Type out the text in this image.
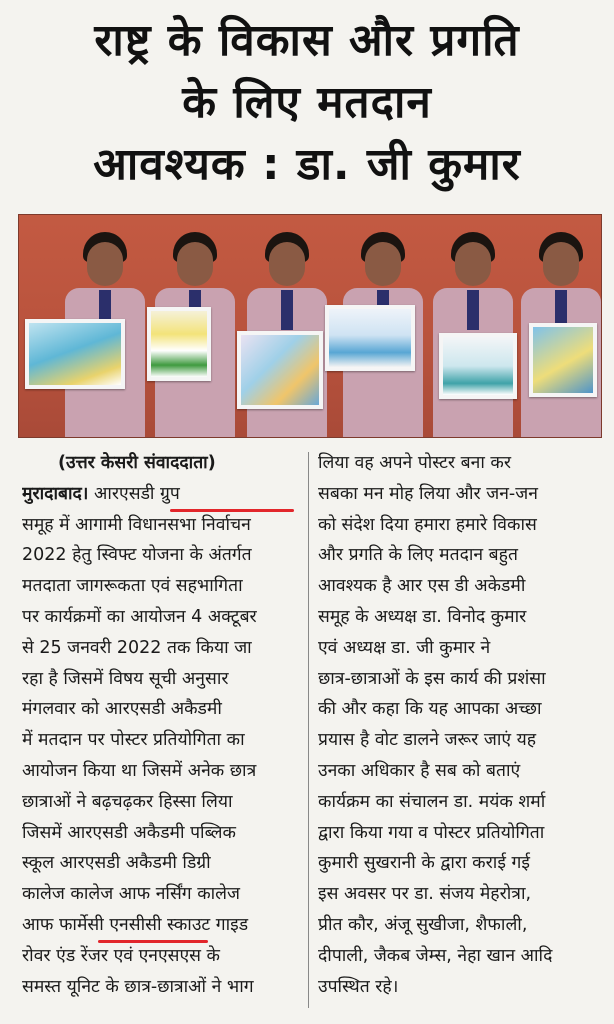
राष्ट्र के विकास और प्रगति
के लिए मतदान
आवश्यक : डा. जी कुमार
(उत्तर केसरी संवाददाता)
मुरादाबाद। आरएसडी ग्रुप
समूह में आगामी विधानसभा निर्वाचन
2022 हेतु स्विफ्ट योजना के अंतर्गत
मतदाता जागरूकता एवं सहभागिता
पर कार्यक्रमों का आयोजन 4 अक्टूबर
से 25 जनवरी 2022 तक किया जा
रहा है जिसमें विषय सूची अनुसार
मंगलवार को आरएसडी अकैडमी
में मतदान पर पोस्टर प्रतियोगिता का
आयोजन किया था जिसमें अनेक छात्र
छात्राओं ने बढ़चढ़कर हिस्सा लिया
जिसमें आरएसडी अकैडमी पब्लिक
स्कूल आरएसडी अकैडमी डिग्री
कालेज कालेज आफ नर्सिंग कालेज
आफ फार्मेसी एनसीसी स्काउट गाइड
रोवर एंड रेंजर एवं एनएसएस के
समस्त यूनिट के छात्र-छात्राओं ने भाग
लिया वह अपने पोस्टर बना कर
सबका मन मोह लिया और जन-जन
को संदेश दिया हमारा हमारे विकास
और प्रगति के लिए मतदान बहुत
आवश्यक है आर एस डी अकेडमी
समूह के अध्यक्ष डा. विनोद कुमार
एवं अध्यक्ष डा. जी कुमार ने
छात्र-छात्राओं के इस कार्य की प्रशंसा
की और कहा कि यह आपका अच्छा
प्रयास है वोट डालने जरूर जाएं यह
उनका अधिकार है सब को बताएं
कार्यक्रम का संचालन डा. मयंक शर्मा
द्वारा किया गया व पोस्टर प्रतियोगिता
कुमारी सुखरानी के द्वारा कराई गई
इस अवसर पर डा. संजय मेहरोत्रा,
प्रीत कौर, अंजू सुखीजा, शैफाली,
दीपाली, जैकब जेम्स, नेहा खान आदि
उपस्थित रहे।
